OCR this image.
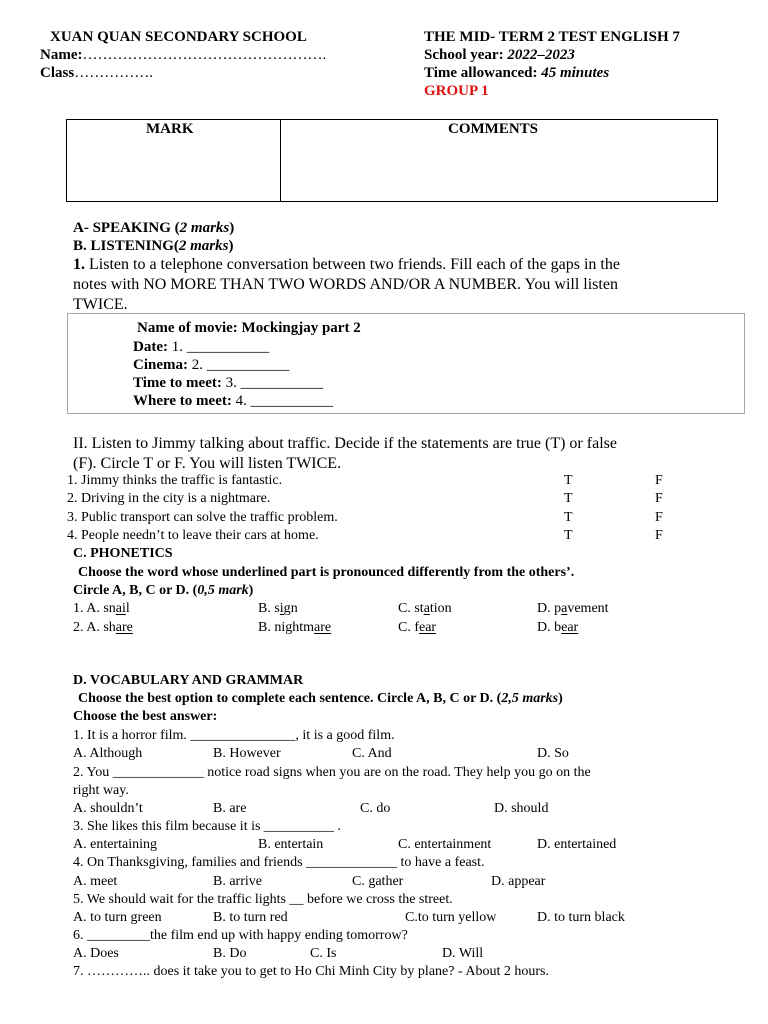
XUAN QUAN SECONDARY SCHOOL
Name:………………………………………….
Class…………….
THE MID- TERM 2 TEST ENGLISH 7
School year: 2022–2023
Time allowanced: 45 minutes
GROUP 1
MARK	COMMENTS
A- SPEAKING (2 marks)
B. LISTENING(2 marks)
1. Listen to a telephone conversation between two friends. Fill each of the gaps in the
notes with NO MORE THAN TWO WORDS AND/OR A NUMBER. You will listen
TWICE.
Name of movie: Mockingjay part 2
Date: 1. ___________
Cinema: 2. ___________
Time to meet: 3. ___________
Where to meet: 4. ___________
II. Listen to Jimmy talking about traffic. Decide if the statements are true (T) or false
(F). Circle T or F. You will listen TWICE.
1. Jimmy thinks the traffic is fantastic.	T	F
2. Driving in the city is a nightmare.	T	F
3. Public transport can solve the traffic problem.	T	F
4. People needn’t to leave their cars at home.	T	F
C. PHONETICS
Choose the word whose underlined part is pronounced differently from the others’.
Circle A, B, C or D. (0,5 mark)
1. A. snail	B. sign	C. station	D. pavement
2. A. share	B. nightmare	C. fear	D. bear
D. VOCABULARY AND GRAMMAR
Choose the best option to complete each sentence. Circle A, B, C or D. (2,5 marks)
Choose the best answer:
1. It is a horror film. _______________, it is a good film.
A. Although	B. However	C. And	D. So
2. You _____________ notice road signs when you are on the road. They help you go on the
right way.
A. shouldn’t	B. are	C. do	D. should
3. She likes this film because it is __________ .
A. entertaining	B. entertain	C. entertainment	D. entertained
4. On Thanksgiving, families and friends _____________ to have a feast.
A. meet	B. arrive	C. gather	D. appear
5. We should wait for the traffic lights __ before we cross the street.
A. to turn green	B. to turn red	C.to turn yellow	D. to turn black
6. _________the film end up with happy ending tomorrow?
A. Does	B. Do	C. Is	D. Will
7. ………….. does it take you to get to Ho Chi Minh City by plane? - About 2 hours.
